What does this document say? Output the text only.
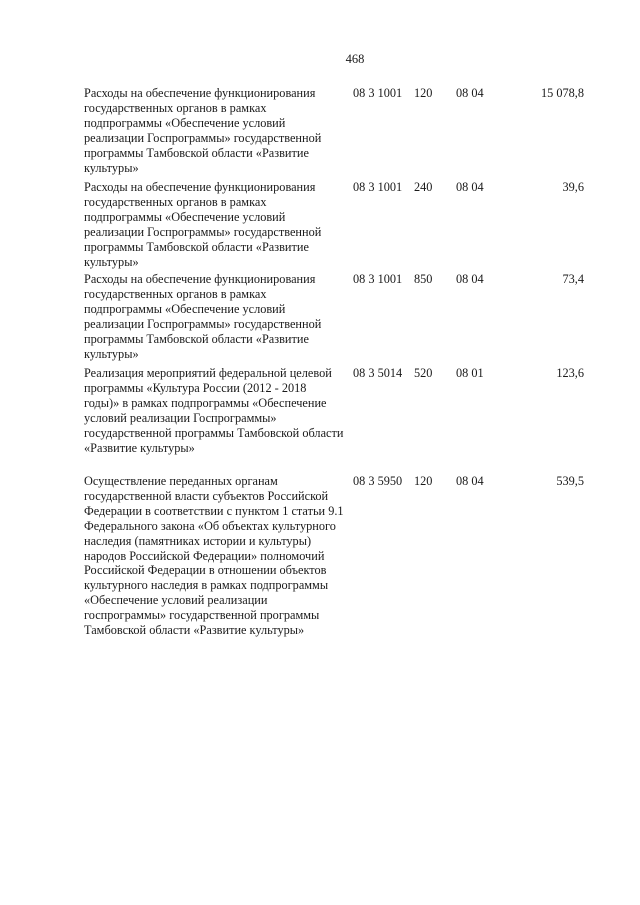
468
Расходы на обеспечение функционирования государственных органов в рамках подпрограммы «Обеспечение условий реализации Госпрограммы» государственной программы Тамбовской области «Развитие культуры»
08 3 1001 120	08 04	15 078,8
Расходы на обеспечение функционирования государственных органов в рамках подпрограммы «Обеспечение условий реализации Госпрограммы» государственной программы Тамбовской области «Развитие культуры»
08 3 1001 240	08 04	39,6
Расходы на обеспечение функционирования государственных органов в рамках подпрограммы «Обеспечение условий реализации Госпрограммы» государственной программы Тамбовской области «Развитие культуры»
08 3 1001 850	08 04	73,4
Реализация мероприятий федеральной целевой программы «Культура России (2012 - 2018 годы)» в рамках подпрограммы «Обеспечение условий реализации Госпрограммы» государственной программы Тамбовской области «Развитие культуры»
08 3 5014 520	08 01	123,6
Осуществление переданных органам государственной власти субъектов Российской Федерации в соответствии с пунктом 1 статьи 9.1 Федерального закона «Об объектах культурного наследия (памятниках истории и культуры) народов Российской Федерации» полномочий Российской Федерации в отношении объектов культурного наследия в рамках подпрограммы «Обеспечение условий реализации госпрограммы» государственной программы Тамбовской области «Развитие культуры»
08 3 5950 120	08 04	539,5
